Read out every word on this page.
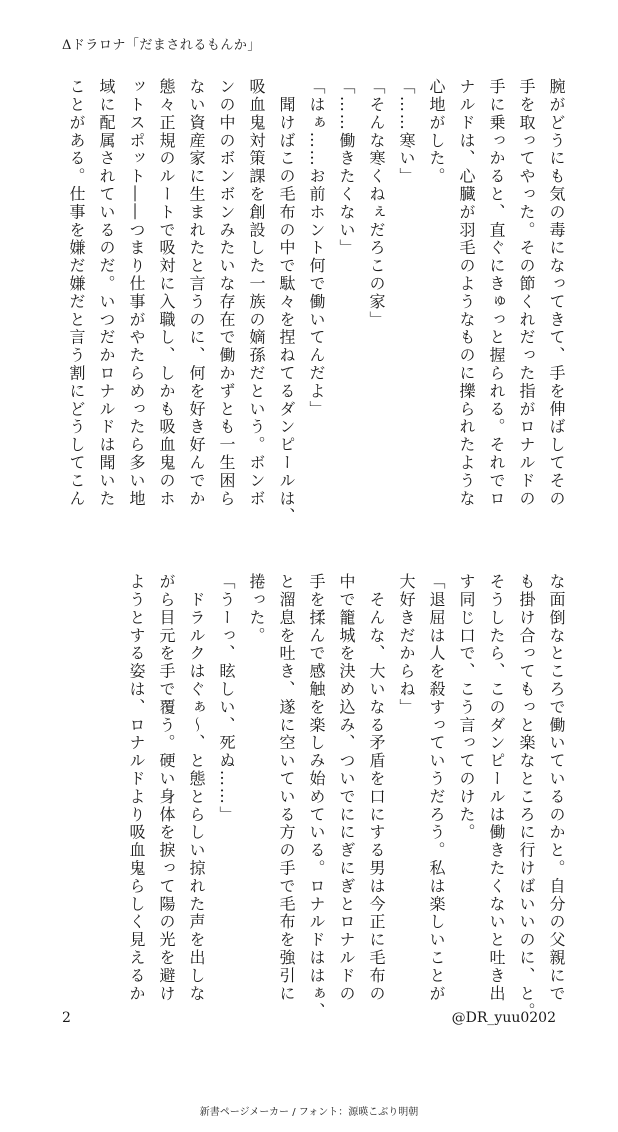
Δドラロナ「だまされるもんか」
腕がどうにも気の毒になってきて、手を伸ばしてその
手を取ってやった。その節くれだった指がロナルドの
手に乗っかると、直ぐにきゅっと握られる。それでロ
ナルドは、心臓が羽毛のようなものに擽られたような
心地がした。
「……寒い」
「そんな寒くねぇだろこの家」
「……働きたくない」
「はぁ……お前ホント何で働いてんだよ」
　聞けばこの毛布の中で駄々を捏ねてるダンピールは、
吸血鬼対策課を創設した一族の嫡孫だという。ボンボ
ンの中のボンボンみたいな存在で働かずとも一生困ら
ない資産家に生まれたと言うのに、何を好き好んでか
態々正規のルートで吸対に入職し、しかも吸血鬼のホ
ットスポット――つまり仕事がやたらめったら多い地
域に配属されているのだ。いつだかロナルドは聞いた
ことがある。仕事を嫌だ嫌だと言う割にどうしてこん
な面倒なところで働いているのかと。自分の父親にで
も掛け合ってもっと楽なところに行けばいいのに、と。
そうしたら、このダンピールは働きたくないと吐き出
す同じ口で、こう言ってのけた。
「退屈は人を殺すっていうだろう。私は楽しいことが
大好きだからね」
　そんな、大いなる矛盾を口にする男は今正に毛布の
中で籠城を決め込み、ついでににぎにぎとロナルドの
手を揉んで感触を楽しみ始めている。ロナルドははぁ、
と溜息を吐き、遂に空いている方の手で毛布を強引に
捲った。
「うーっ、眩しい、死ぬ……」
　ドラルクはぐぁ～、と態とらしい掠れた声を出しな
がら目元を手で覆う。硬い身体を捩って陽の光を避け
ようとする姿は、ロナルドより吸血鬼らしく見えるか
2	@DR_yuu0202
新書ページメーカー / フォント：源暎こぶり明朝
